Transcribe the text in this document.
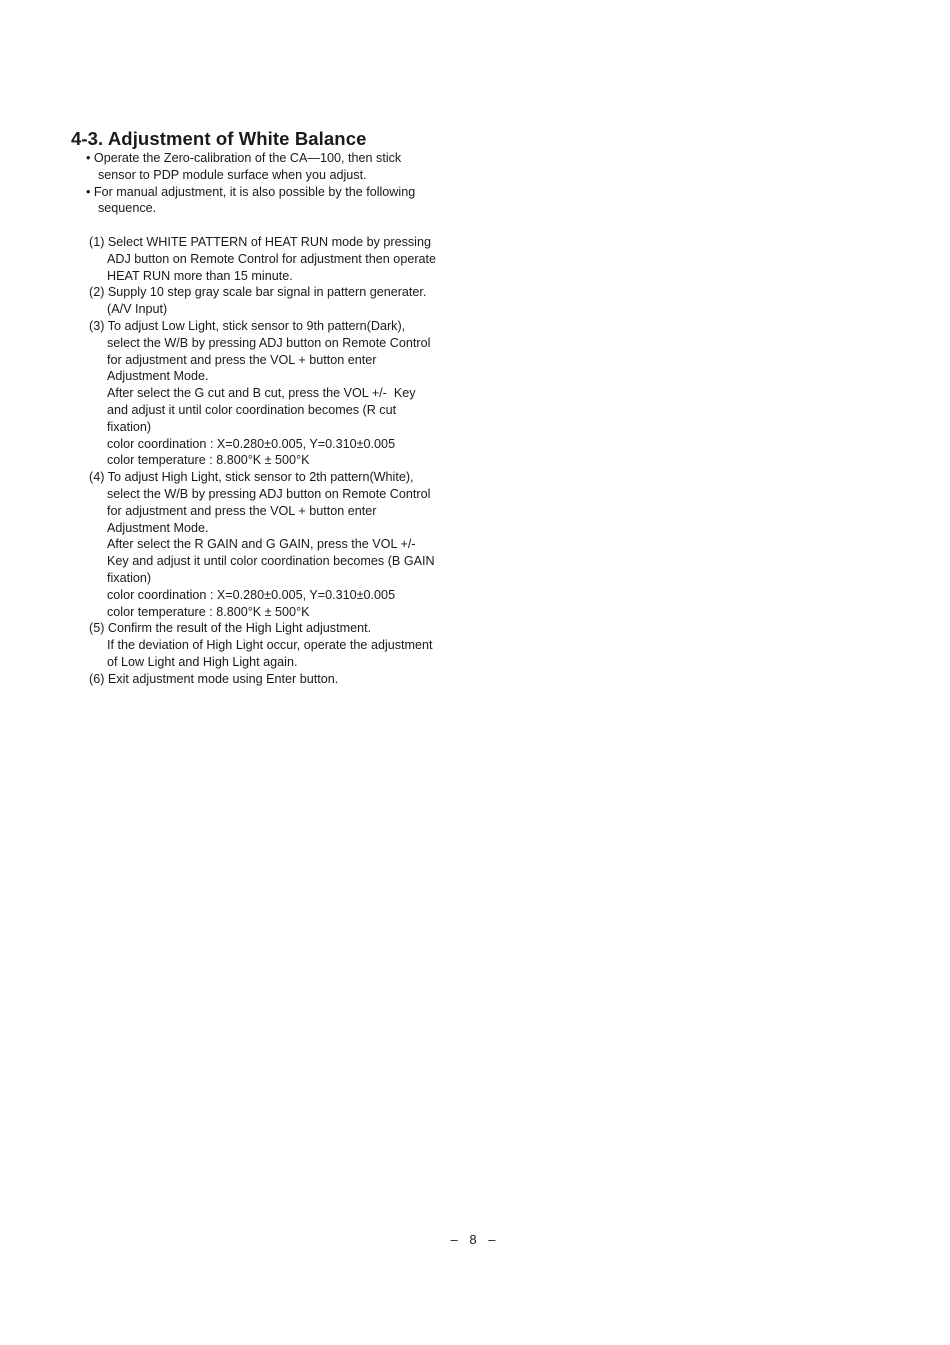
4-3. Adjustment of White Balance
• Operate the Zero-calibration of the CA—100, then stick
sensor to PDP module surface when you adjust.
• For manual adjustment, it is also possible by the following
sequence.
(1) Select WHITE PATTERN of HEAT RUN mode by pressing
ADJ button on Remote Control for adjustment then operate
HEAT RUN more than 15 minute.
(2) Supply 10 step gray scale bar signal in pattern generater.
(A/V Input)
(3) To adjust Low Light, stick sensor to 9th pattern(Dark),
select the W/B by pressing ADJ button on Remote Control
for adjustment and press the VOL + button enter
Adjustment Mode.
After select the G cut and B cut, press the VOL +/-  Key
and adjust it until color coordination becomes (R cut
fixation)
color coordination : X=0.280±0.005, Y=0.310±0.005
color temperature : 8.800°K ± 500°K
(4) To adjust High Light, stick sensor to 2th pattern(White),
select the W/B by pressing ADJ button on Remote Control
for adjustment and press the VOL + button enter
Adjustment Mode.
After select the R GAIN and G GAIN, press the VOL +/-
Key and adjust it until color coordination becomes (B GAIN
fixation)
color coordination : X=0.280±0.005, Y=0.310±0.005
color temperature : 8.800°K ± 500°K
(5) Confirm the result of the High Light adjustment.
If the deviation of High Light occur, operate the adjustment
of Low Light and High Light again.
(6) Exit adjustment mode using Enter button.
– 8 –
